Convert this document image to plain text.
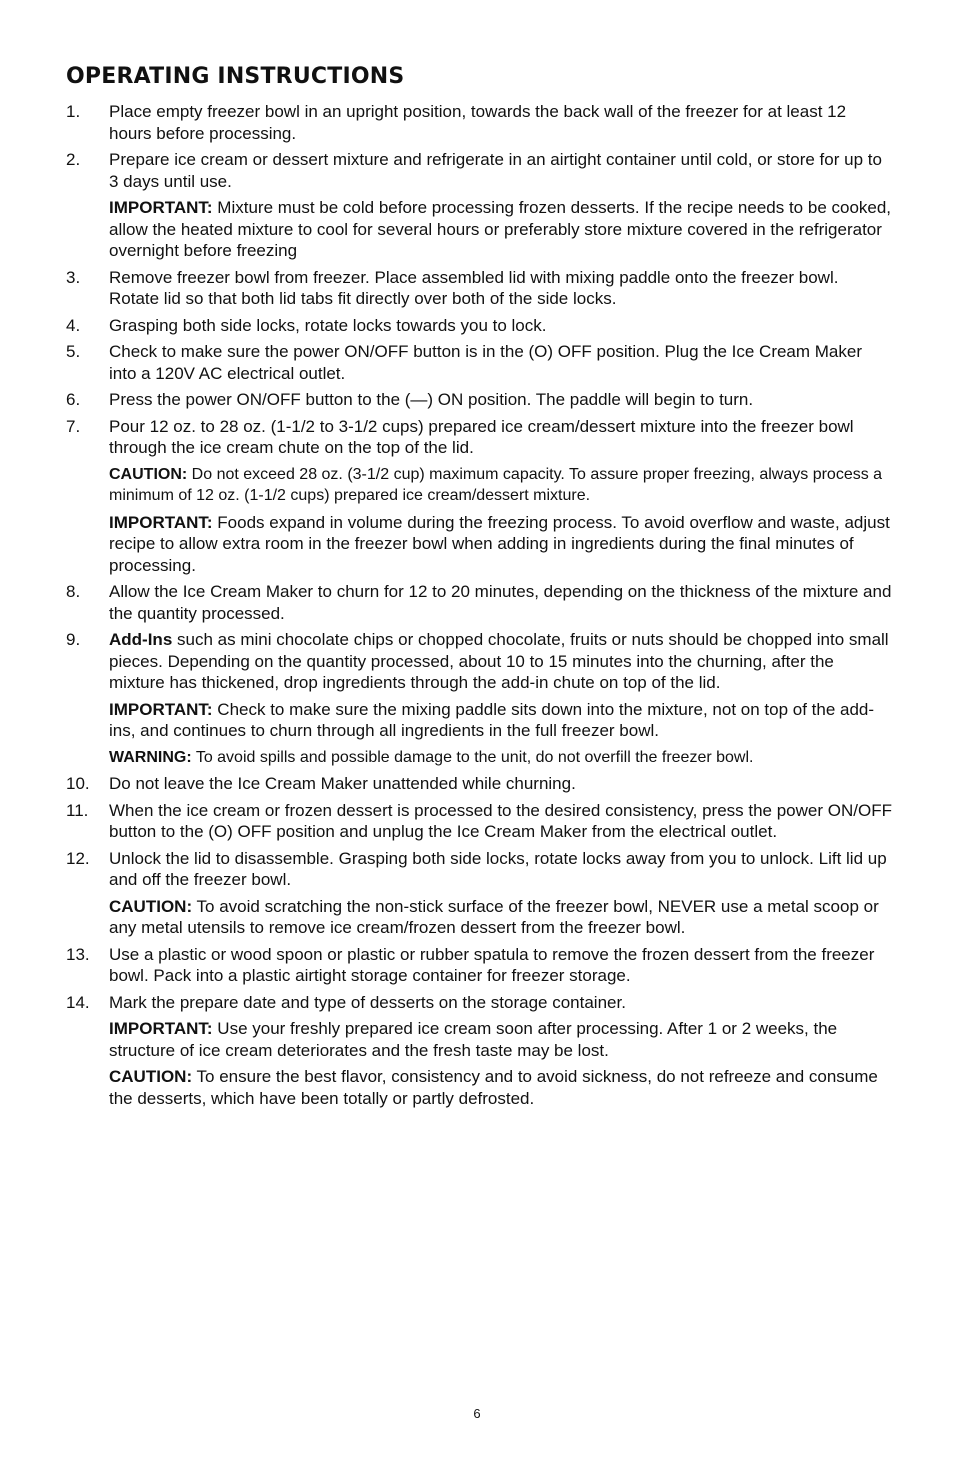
OPERATING INSTRUCTIONS
1. Place empty freezer bowl in an upright position, towards the back wall of the freezer for at least 12 hours before processing.

2. Prepare ice cream or dessert mixture and refrigerate in an airtight container until cold, or store for up to 3 days until use.

IMPORTANT: Mixture must be cold before processing frozen desserts. If the recipe needs to be cooked, allow the heated mixture to cool for several hours or preferably store mixture covered in the refrigerator overnight before freezing

3. Remove freezer bowl from freezer. Place assembled lid with mixing paddle onto the freezer bowl. Rotate lid so that both lid tabs fit directly over both of the side locks.

4. Grasping both side locks, rotate locks towards you to lock.

5. Check to make sure the power ON/OFF button is in the (O) OFF position. Plug the Ice Cream Maker into a 120V AC electrical outlet.

6. Press the power ON/OFF button to the (—) ON position. The paddle will begin to turn.

7. Pour 12 oz. to 28 oz. (1-1/2 to 3-1/2 cups) prepared ice cream/dessert mixture into the freezer bowl through the ice cream chute on the top of the lid.

CAUTION: Do not exceed 28 oz. (3-1/2 cup) maximum capacity. To assure proper freezing, always process a minimum of 12 oz. (1-1/2 cups) prepared ice cream/dessert mixture.

IMPORTANT: Foods expand in volume during the freezing process. To avoid overflow and waste, adjust recipe to allow extra room in the freezer bowl when adding in ingredients during the final minutes of processing.

8. Allow the Ice Cream Maker to churn for 12 to 20 minutes, depending on the thickness of the mixture and the quantity processed.

9. Add-Ins such as mini chocolate chips or chopped chocolate, fruits or nuts should be chopped into small pieces. Depending on the quantity processed, about 10 to 15 minutes into the churning, after the mixture has thickened, drop ingredients through the add-in chute on top of the lid.

IMPORTANT: Check to make sure the mixing paddle sits down into the mixture, not on top of the add-ins, and continues to churn through all ingredients in the full freezer bowl.

WARNING: To avoid spills and possible damage to the unit, do not overfill the freezer bowl.

10. Do not leave the Ice Cream Maker unattended while churning.

11. When the ice cream or frozen dessert is processed to the desired consistency, press the power ON/OFF button to the (O) OFF position and unplug the Ice Cream Maker from the electrical outlet.

12. Unlock the lid to disassemble. Grasping both side locks, rotate locks away from you to unlock. Lift lid up and off the freezer bowl.

CAUTION: To avoid scratching the non-stick surface of the freezer bowl, NEVER use a metal scoop or any metal utensils to remove ice cream/frozen dessert from the freezer bowl.

13. Use a plastic or wood spoon or plastic or rubber spatula to remove the frozen dessert from the freezer bowl. Pack into a plastic airtight storage container for freezer storage.

14. Mark the prepare date and type of desserts on the storage container.

IMPORTANT: Use your freshly prepared ice cream soon after processing. After 1 or 2 weeks, the structure of ice cream deteriorates and the fresh taste may be lost.

CAUTION: To ensure the best flavor, consistency and to avoid sickness, do not refreeze and consume the desserts, which have been totally or partly defrosted.

6
